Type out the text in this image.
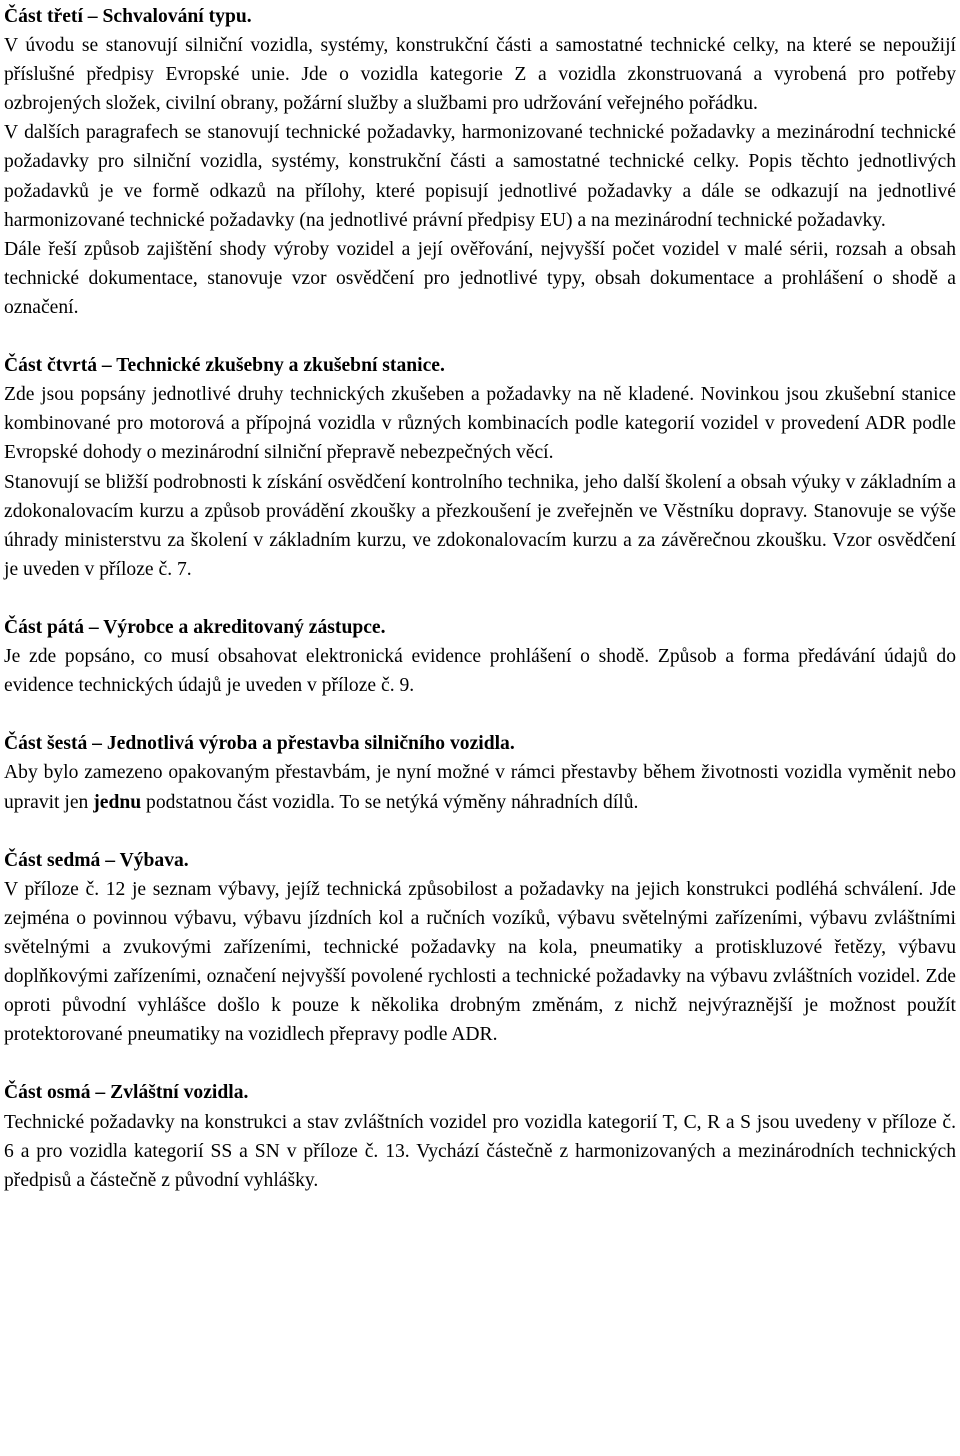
Část třetí – Schvalování typu.

V úvodu se stanovují silniční vozidla, systémy, konstrukční části a samostatné technické celky, na které se nepoužijí příslušné předpisy Evropské unie. Jde o vozidla kategorie Z a vozidla zkonstruovaná a vyrobená pro potřeby ozbrojených složek, civilní obrany, požární služby a službami pro udržování veřejného pořádku.

V dalších paragrafech se stanovují technické požadavky, harmonizované technické požadavky a mezinárodní technické požadavky pro silniční vozidla, systémy, konstrukční části a samostatné technické celky. Popis těchto jednotlivých požadavků je ve formě odkazů na přílohy, které popisují jednotlivé požadavky a dále se odkazují na jednotlivé harmonizované technické požadavky (na jednotlivé právní předpisy EU) a na mezinárodní technické požadavky.

Dále řeší způsob zajištění shody výroby vozidel a její ověřování, nejvyšší počet vozidel v malé sérii, rozsah a obsah technické dokumentace, stanovuje vzor osvědčení pro jednotlivé typy, obsah dokumentace a prohlášení o shodě a označení.

Část čtvrtá – Technické zkušebny a zkušební stanice.

Zde jsou popsány jednotlivé druhy technických zkušeben a požadavky na ně kladené. Novinkou jsou zkušební stanice kombinované pro motorová a přípojná vozidla v různých kombinacích podle kategorií vozidel v provedení ADR podle Evropské dohody o mezinárodní silniční přepravě nebezpečných věcí.

Stanovují se bližší podrobnosti k získání osvědčení kontrolního technika, jeho další školení a obsah výuky v základním a zdokonalovacím kurzu a způsob provádění zkoušky a přezkoušení je zveřejněn ve Věstníku dopravy. Stanovuje se výše úhrady ministerstvu za školení v základním kurzu, ve zdokonalovacím kurzu a za závěrečnou zkoušku. Vzor osvědčení je uveden v příloze č. 7.

Část pátá – Výrobce a akreditovaný zástupce.

Je zde popsáno, co musí obsahovat elektronická evidence prohlášení o shodě. Způsob a forma předávání údajů do evidence technických údajů je uveden v příloze č. 9.

Část šestá – Jednotlivá výroba a přestavba silničního vozidla.

Aby bylo zamezeno opakovaným přestavbám, je nyní možné v rámci přestavby během životnosti vozidla vyměnit nebo upravit jen jednu podstatnou část vozidla. To se netýká výměny náhradních dílů.

Část sedmá – Výbava.

V příloze č. 12 je seznam výbavy, jejíž technická způsobilost a požadavky na jejich konstrukci podléhá schválení. Jde zejména o povinnou výbavu, výbavu jízdních kol a ručních vozíků, výbavu světelnými zařízeními, výbavu zvláštními světelnými a zvukovými zařízeními, technické požadavky na kola, pneumatiky a protiskluzové řetězy, výbavu doplňkovými zařízeními, označení nejvyšší povolené rychlosti a technické požadavky na výbavu zvláštních vozidel. Zde oproti původní vyhlášce došlo k pouze k několika drobným změnám, z nichž nejvýraznější je možnost použít protektorované pneumatiky na vozidlech přepravy podle ADR.

Část osmá – Zvláštní vozidla.

Technické požadavky na konstrukci a stav zvláštních vozidel pro vozidla kategorií T, C, R a S jsou uvedeny v příloze č. 6 a pro vozidla kategorií SS a SN v příloze č. 13. Vychází částečně z harmonizovaných a mezinárodních technických předpisů a částečně z původní vyhlášky.
